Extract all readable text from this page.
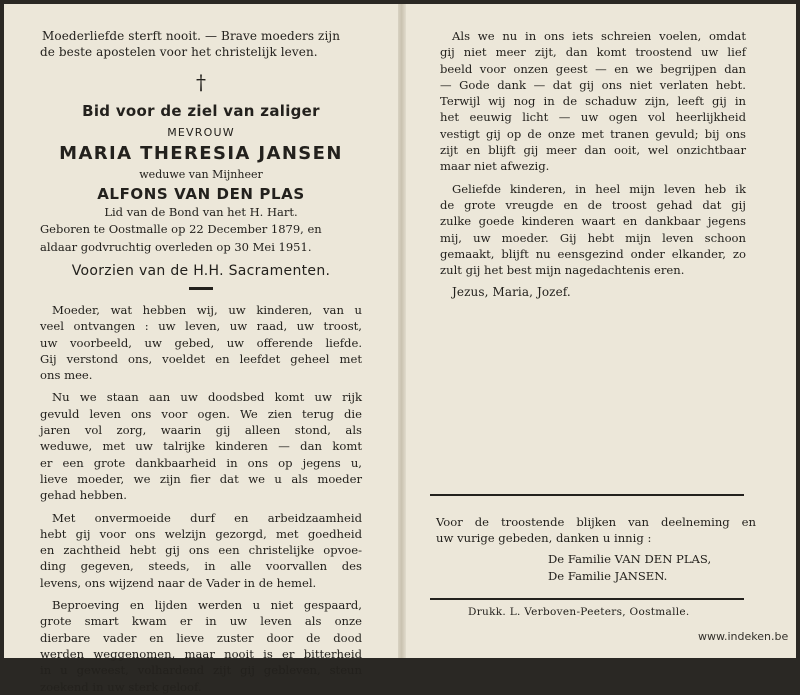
Moederliefde sterft nooit. — Brave moeders zijn

de beste apostelen voor het christelijk leven.

†

Bid voor de ziel van zaliger

MEVROUW

MARIA THERESIA JANSEN

weduwe van Mijnheer

ALFONS VAN DEN PLAS

Lid van de Bond van het H. Hart.

Geboren te Oostmalle op 22 December 1879, en

aldaar godvruchtig overleden op 30 Mei 1951.

Voorzien van de H.H. Sacramenten.

Moeder, wat hebben wij, uw kinderen, van u
veel ontvangen : uw leven, uw raad, uw troost,
uw voorbeeld, uw gebed, uw offerende liefde.
Gij verstond ons, voeldet en leefdet geheel met
ons mee.
Nu we staan aan uw doodsbed komt uw rijk
gevuld leven ons voor ogen. We zien terug die
jaren vol zorg, waarin gij alleen stond, als
weduwe, met uw talrijke kinderen — dan komt
er een grote dankbaarheid in ons op jegens u,
lieve moeder, we zijn fier dat we u als moeder
gehad hebben.
Met onvermoeide durf en arbeidzaamheid
hebt gij voor ons welzijn gezorgd, met goedheid
en zachtheid hebt gij ons een christelijke opvoe-
ding gegeven, steeds, in alle voorvallen des
levens, ons wijzend naar de Vader in de hemel.
Beproeving en lijden werden u niet gespaard,
grote smart kwam er in uw leven als onze
dierbare vader en lieve zuster door de dood
werden weggenomen, maar nooit is er bitterheid
in u geweest, volhardend zijt gij gebleven, steun
zoekend in uw sterk geloof.
Als we nu in ons iets schreien voelen, omdat
gij niet meer zijt, dan komt troostend uw lief
beeld voor onzen geest — en we begrijpen dan
— Gode dank — dat gij ons niet verlaten hebt.
Terwijl wij nog in de schaduw zijn, leeft gij in
het eeuwig licht — uw ogen vol heerlijkheid
vestigt gij op de onze met tranen gevuld; bij ons
zijt en blijft gij meer dan ooit, wel onzichtbaar
maar niet afwezig.
Geliefde kinderen, in heel mijn leven heb ik
de grote vreugde en de troost gehad dat gij
zulke goede kinderen waart en dankbaar jegens
mij, uw moeder. Gij hebt mijn leven schoon
gemaakt, blijft nu eensgezind onder elkander, zo
zult gij het best mijn nagedachtenis eren.

Jezus, Maria, Jozef.

Voor de troostende blijken van deelneming en

uw vurige gebeden, danken u innig :

De Familie VAN DEN PLAS,

De Familie JANSEN.

Drukk. L. Verboven-Peeters, Oostmalle.

www.indeken.be
